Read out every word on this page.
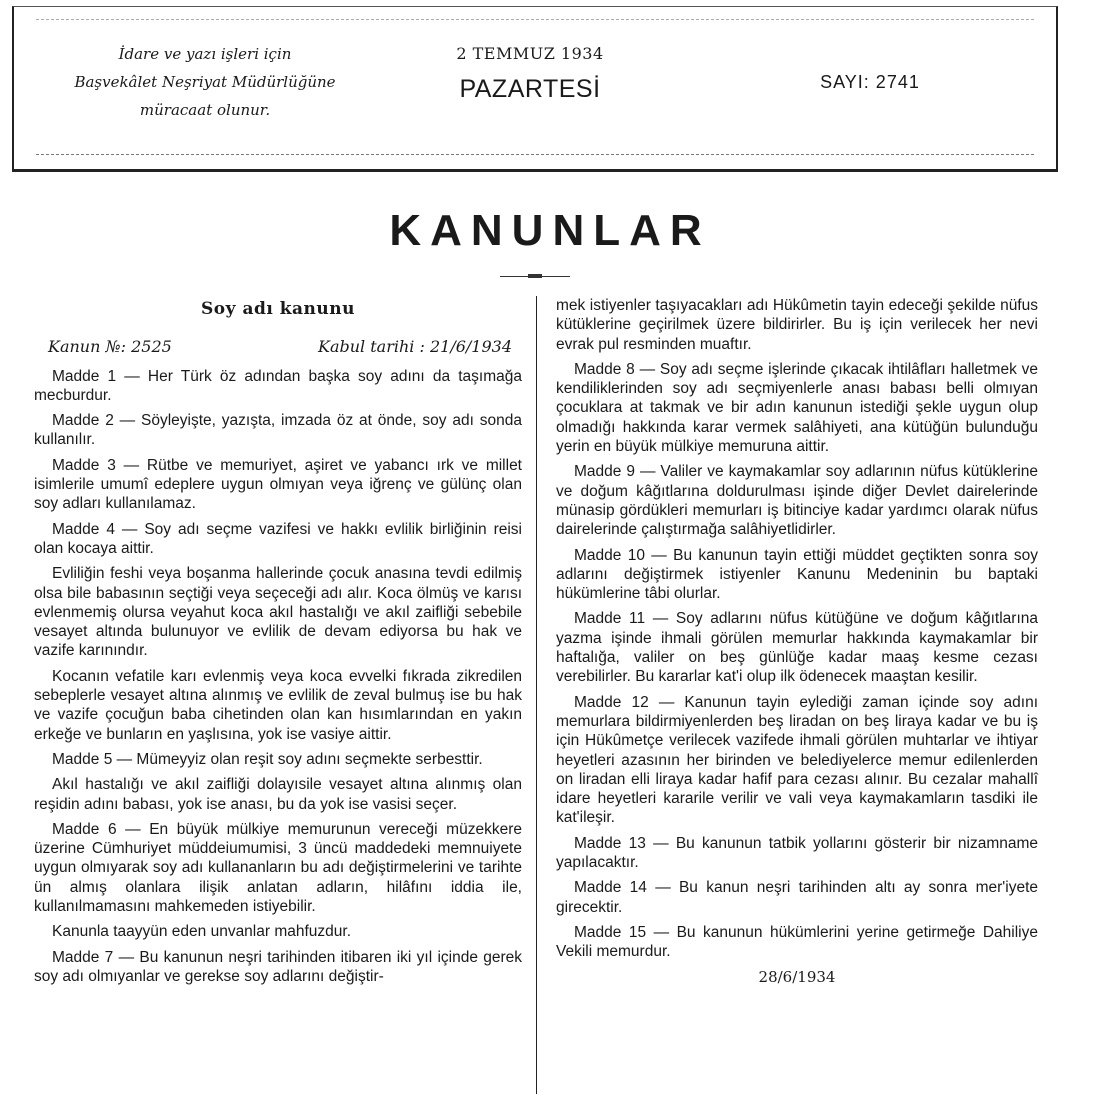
İdare ve yazı işleri için
Başvekâlet Neşriyat Müdürlüğüne
müracaat olunur.
2 TEMMUZ 1934
PAZARTESİ	SAYI: 2741
KANUNLAR
Soy adı kanunu
Kanun №: 2525	Kabul tarihi : 21/6/1934

Madde 1 — Her Türk öz adından başka soy adını da taşımağa mecburdur.

Madde 2 — Söyleyişte, yazışta, imzada öz at önde, soy adı sonda kullanılır.

Madde 3 — Rütbe ve memuriyet, aşiret ve yabancı ırk ve millet isimlerile umumî edeplere uygun olmıyan veya iğrenç ve gülünç olan soy adları kullanılamaz.

Madde 4 — Soy adı seçme vazifesi ve hakkı evlilik birliğinin reisi olan kocaya aittir.

Evliliğin feshi veya boşanma hallerinde çocuk anasına tevdi edilmiş olsa bile babasının seçtiği veya seçeceği adı alır. Koca ölmüş ve karısı evlenmemiş olursa veyahut koca akıl hastalığı ve akıl zaifliği sebebile vesayet altında bulunuyor ve evlilik de devam ediyorsa bu hak ve vazife karınındır.

Kocanın vefatile karı evlenmiş veya koca evvelki fıkrada zikredilen sebeplerle vesayet altına alınmış ve evlilik de zeval bulmuş ise bu hak ve vazife çocuğun baba cihetinden olan kan hısımlarından en yakın erkeğe ve bunların en yaşlısına, yok ise vasiye aittir.

Madde 5 — Mümeyyiz olan reşit soy adını seçmekte serbesttir.

Akıl hastalığı ve akıl zaifliği dolayısile vesayet altına alınmış olan reşidin adını babası, yok ise anası, bu da yok ise vasisi seçer.

Madde 6 — En büyük mülkiye memurunun vereceği müzekkere üzerine Cümhuriyet müddeiumumisi, 3 üncü maddedeki memnuiyete uygun olmıyarak soy adı kullananların bu adı değiştirmelerini ve tarihte ün almış olanlara ilişik anlatan adların, hilâfını iddia ile, kullanılmamasını mahkemeden istiyebilir.

Kanunla taayyün eden unvanlar mahfuzdur.

Madde 7 — Bu kanunun neşri tarihinden itibaren iki yıl içinde gerek soy adı olmıyanlar ve gerekse soy adlarını değiştir-

mek istiyenler taşıyacakları adı Hükûmetin tayin edeceği şekilde nüfus kütüklerine geçirilmek üzere bildirirler. Bu iş için verilecek her nevi evrak pul resminden muaftır.

Madde 8 — Soy adı seçme işlerinde çıkacak ihtilâfları halletmek ve kendiliklerinden soy adı seçmiyenlerle anası babası belli olmıyan çocuklara at takmak ve bir adın kanunun istediği şekle uygun olup olmadığı hakkında karar vermek salâhiyeti, ana kütüğün bulunduğu yerin en büyük mülkiye memuruna aittir.

Madde 9 — Valiler ve kaymakamlar soy adlarının nüfus kütüklerine ve doğum kâğıtlarına doldurulması işinde diğer Devlet dairelerinde münasip gördükleri memurları iş bitinciye kadar yardımcı olarak nüfus dairelerinde çalıştırmağa salâhiyetlidirler.

Madde 10 — Bu kanunun tayin ettiği müddet geçtikten sonra soy adlarını değiştirmek istiyenler Kanunu Medeninin bu baptaki hükümlerine tâbi olurlar.

Madde 11 — Soy adlarını nüfus kütüğüne ve doğum kâğıtlarına yazma işinde ihmali görülen memurlar hakkında kaymakamlar bir haftalığa, valiler on beş günlüğe kadar maaş kesme cezası verebilirler. Bu kararlar kat'i olup ilk ödenecek maaştan kesilir.

Madde 12 — Kanunun tayin eylediği zaman içinde soy adını memurlara bildirmiyenlerden beş liradan on beş liraya kadar ve bu iş için Hükûmetçe verilecek vazifede ihmali görülen muhtarlar ve ihtiyar heyetleri azasının her birinden ve belediyelerce memur edilenlerden on liradan elli liraya kadar hafif para cezası alınır. Bu cezalar mahallî idare heyetleri kararile verilir ve vali veya kaymakamların tasdiki ile kat'ileşir.

Madde 13 — Bu kanunun tatbik yollarını gösterir bir nizamname yapılacaktır.

Madde 14 — Bu kanun neşri tarihinden altı ay sonra mer'iyete girecektir.

Madde 15 — Bu kanunun hükümlerini yerine getirmeğe Dahiliye Vekili memurdur.

28/6/1934
